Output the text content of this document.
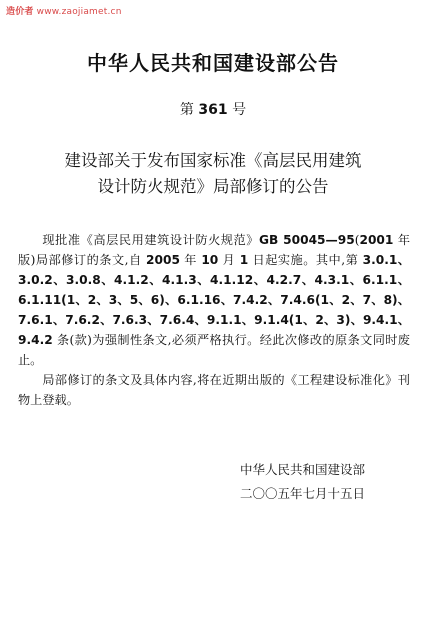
造价者 www.zaojiamet.cn
中华人民共和国建设部公告
第 361 号
建设部关于发布国家标准《高层民用建筑
设计防火规范》局部修订的公告

现批准《高层民用建筑设计防火规范》GB 50045—95(2001 年版)局部修订的条文,自 2005 年 10 月 1 日起实施。其中,第 3.0.1、3.0.2、3.0.8、4.1.2、4.1.3、4.1.12、4.2.7、4.3.1、6.1.1、6.1.11(1、2、3、5、6)、6.1.16、7.4.2、7.4.6(1、2、7、8)、7.6.1、7.6.2、7.6.3、7.6.4、9.1.1、9.1.4(1、2、3)、9.4.1、9.4.2 条(款)为强制性条文,必须严格执行。经此次修改的原条文同时废止。

局部修订的条文及具体内容,将在近期出版的《工程建设标准化》刊物上登载。

中华人民共和国建设部
二〇〇五年七月十五日
